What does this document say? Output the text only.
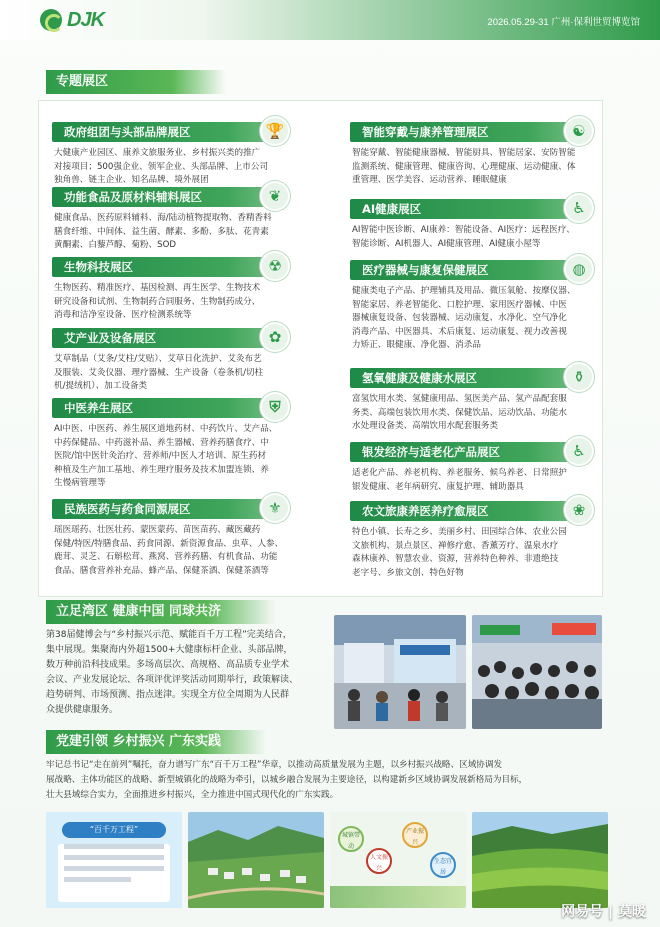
DJK	2026.05.29-31 广州·保利世贸博览馆
专题展区
政府组团与头部品牌展区	🏆
大健康产业园区、康养文旅服务业、乡村振兴类的推广
对接项目；500强企业、领军企业、头部品牌、上市公司
独角兽、链主企业、知名品牌、境外展团
功能食品及原材料辅料展区	❦
健康食品、医药原料辅料、海/陆动植物提取物、香精香料
膳食纤维、中间体、益生菌、酵素、多酚、多肽、花青素
黄酮素、白藜芦醇、菊粉、SOD
生物科技展区	☢
生物医药、精准医疗、基因检测、再生医学、生物技术
研究设备和试剂、生物制药合同服务、生物制药成分、
消毒和洁净室设备、医疗检测系统等
艾产业及设备展区	✿
艾草制品（艾条/艾柱/艾贴）、艾草日化洗护、艾灸布艺
及服装、艾灸仪器、理疗器械、生产设备（卷条机/切柱
机/提绒机）、加工设备类
中医养生展区	⛨
AI中医、中医药、养生展区道地药材、中药饮片、艾产品、
中药保健品、中药滋补品、养生器械、营养药膳食疗、中
医院/馆中医针灸治疗、营养师/中医人才培训、原生药材
种植及生产加工基地、养生理疗服务及技术加盟连锁、养
生慢病管理等
民族医药与药食同源展区	⚜
瑶医瑶药、壮医壮药、蒙医蒙药、苗医苗药、藏医藏药
保健/特医/特膳食品、药食同源、新资源食品、虫草、人参、
鹿茸、灵芝、石斛松茸、燕窝、营养药膳、有机食品、功能
食品、膳食营养补充品、蜂产品、保健茶酒、保健茶酒等
智能穿戴与康养管理展区	☯
智能穿戴、智能健康器械、智能厨具、智能居家、安防智能
监测系统、健康管理、健康咨询、心理健康、运动健康、体
重管理、医学美容、运动营养、睡眠健康
AI健康展区	♿
AI智能中医诊断、AI康养：智能设备、AI医疗：远程医疗、
智能诊断、AI机器人、AI健康管理、AI健康小屋等
医疗器械与康复保健展区	◍
健康类电子产品、护理辅具及用品、微压氧舱、按摩仪器、
智能家居、养老智能化、口腔护理、家用医疗器械、中医
器械康复设备、包装器械、运动康复、水净化、空气净化
消毒产品、中医器具、术后康复、运动康复、视力改善视
力矫正、眼健康、净化器、消杀品
氢氧健康及健康水展区	⚱
富氢饮用水类、氢健康用品、氢医美产品、氢产品配套服
务类、高端包装饮用水类、保健饮品、运动饮品、功能水
水处理设备类、高端饮用水配套服务类
银发经济与适老化产品展区	♿
适老化产品、养老机构、养老服务、候鸟养老、日常照护
银发健康、老年病研究、康复护理、辅助器具
农文旅康养医养疗愈展区	❀
特色小镇、长寿之乡、美丽乡村、田园综合体、农业公园
文旅机构、景点景区、禅修疗愈、香薰芳疗、温泉水疗
森林康养、智慧农业、资源，营养特色种养、非遗绝技
老字号、乡旅文创、特色好物
立足湾区 健康中国 同球共济
第38届健博会与“乡村振兴示范、赋能百千万工程”完美结合，
集中展现。集聚海内外超1500+大健康标杆企业、头部品牌，
数万种前沿科技成果。多场高层次、高规格、高品质专业学术
会议、产业发展论坛、各项评优评奖活动同期举行，政策解读、
趋势研判、市场预测、指点迷津。实现全方位全周期为人民群
众提供健康服务。
党建引领 乡村振兴 广东实践
牢记总书记“走在前列”嘱托，奋力谱写广东“百千万工程”华章，以推动高质量发展为主题，以乡村振兴战略、区域协调发
展战略、主体功能区的战略、新型城镇化的战略为牵引，以城乡融合发展为主要途径，以构建新乡区域协调发展新格局为目标，
壮大县域综合实力，全面推进乡村振兴，全力推进中国式现代化的广东实践。
“百千万工程”
城镇带动
产业振兴
人文振兴
生态宜居
网易号 | 莫暖
